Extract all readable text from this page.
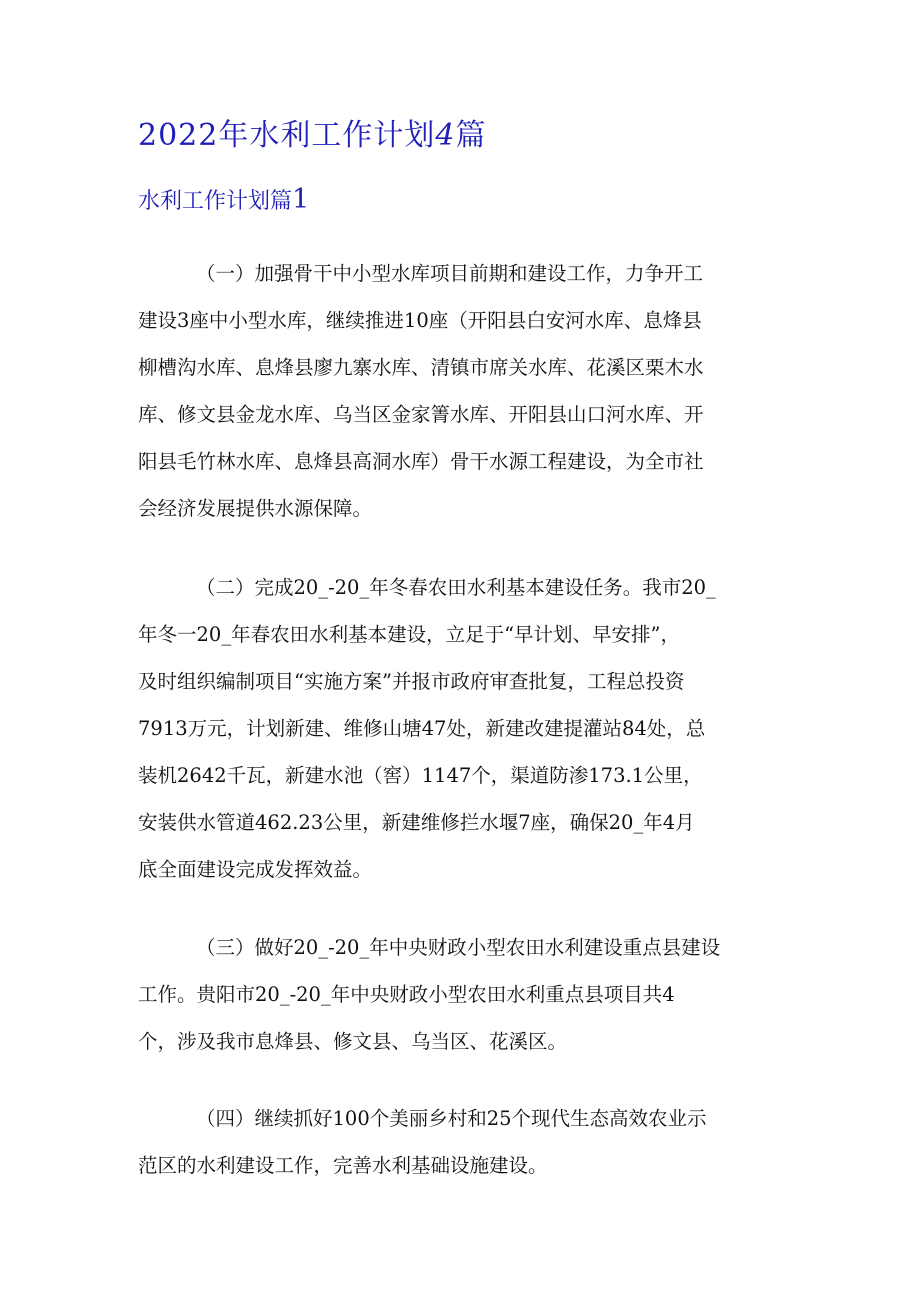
2022年水利工作计划4篇
水利工作计划篇1

（一）加强骨干中小型水库项目前期和建设工作，力争开工
建设3座中小型水库，继续推进10座（开阳县白安河水库、息烽县
柳槽沟水库、息烽县廖九寨水库、清镇市席关水库、花溪区栗木水
库、修文县金龙水库、乌当区金家箐水库、开阳县山口河水库、开
阳县毛竹林水库、息烽县高洞水库）骨干水源工程建设，为全市社
会经济发展提供水源保障。

（二）完成20_-20_年冬春农田水利基本建设任务。我市20_
年冬一20_年春农田水利基本建设，立足于“早计划、早安排”，
及时组织编制项目“实施方案”并报市政府审查批复，工程总投资
7913万元，计划新建、维修山塘47处，新建改建提灌站84处，总
装机2642千瓦，新建水池（窖）1147个，渠道防渗173.1公里，
安装供水管道462.23公里，新建维修拦水堰7座，确保20_年4月
底全面建设完成发挥效益。

（三）做好20_-20_年中央财政小型农田水利建设重点县建设
工作。贵阳市20_-20_年中央财政小型农田水利重点县项目共4
个，涉及我市息烽县、修文县、乌当区、花溪区。

（四）继续抓好100个美丽乡村和25个现代生态高效农业示
范区的水利建设工作，完善水利基础设施建设。
